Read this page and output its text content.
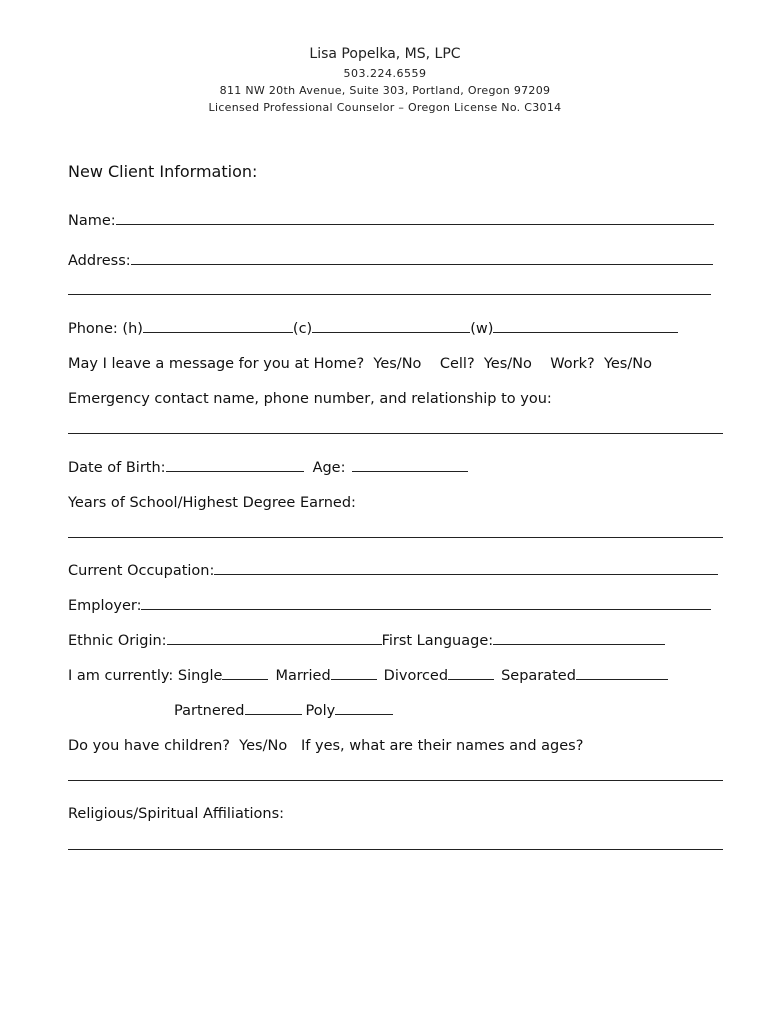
Lisa Popelka, MS, LPC
503.224.6559
811 NW 20th Avenue, Suite 303, Portland, Oregon 97209
Licensed Professional Counselor – Oregon License No. C3014
New Client Information:
Name:
Address:
Phone: (h)	(c)	(w)
May I leave a message for you at Home?  Yes/No    Cell?  Yes/No    Work?  Yes/No
Emergency contact name, phone number, and relationship to you:
Date of Birth:	Age:
Years of School/Highest Degree Earned:
Current Occupation:
Employer:
Ethnic Origin:	First Language:
I am currently: Single	Married	Divorced	Separated
Partnered	Poly
Do you have children?  Yes/No   If yes, what are their names and ages?
Religious/Spiritual Affiliations:
